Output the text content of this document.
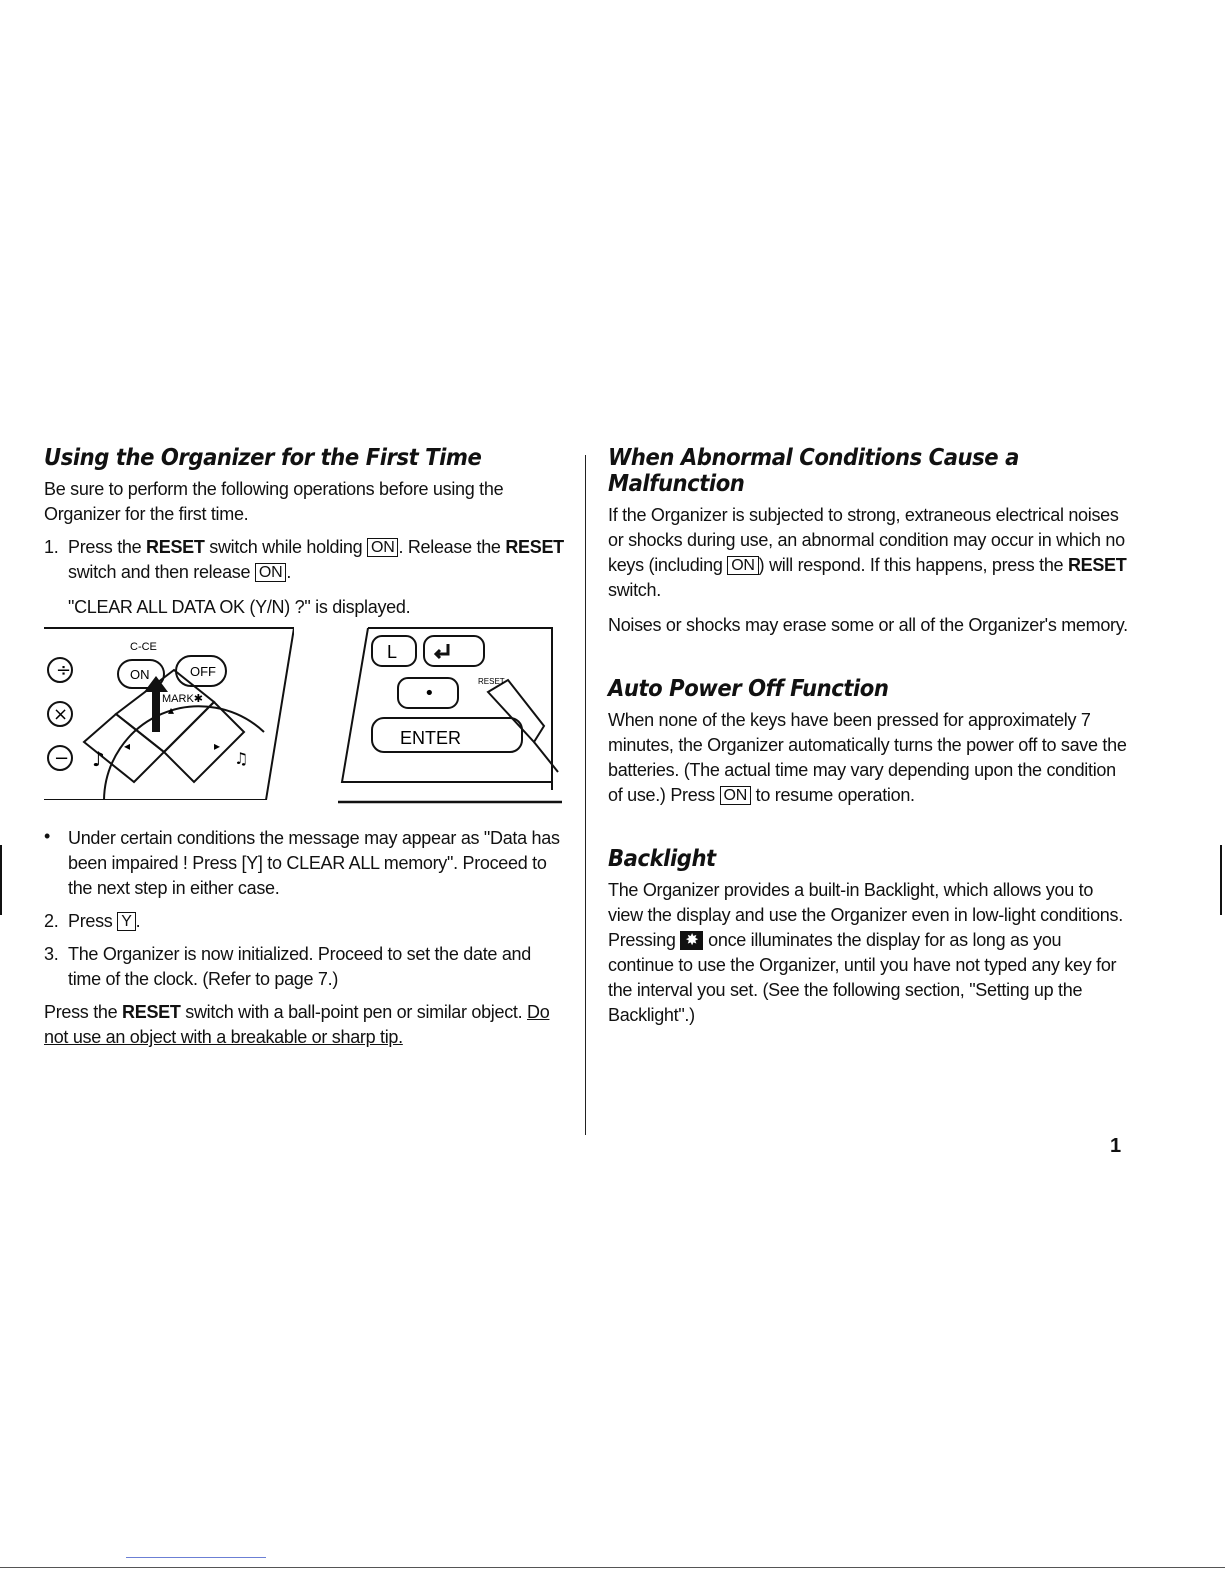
Using the Organizer for the First Time

Be sure to perform the following operations before using the Organizer for the first time.

1. Press the RESET switch while holding ON . Release the RESET switch and then release ON .

"CLEAR ALL DATA OK (Y/N) ?" is displayed.

• Under certain conditions the message may appear as "Data has been impaired ! Press [Y] to CLEAR ALL memory". Proceed to the next step in either case.

2. Press Y .

3. The Organizer is now initialized. Proceed to set the date and time of the clock. (Refer to page 7.)

Press the RESET switch with a ball-point pen or similar object. Do not use an object with a breakable or sharp tip.

÷
×
−
C-CE
ON	OFF
MARK✱
♪	♫
◂	▸
▴
L
•
RESET
ENTER
When Abnormal Conditions Cause a Malfunction

If the Organizer is subjected to strong, extraneous electrical noises or shocks during use, an abnormal condition may occur in which no keys (including ON ) will respond. If this happens, press the RESET switch.

Noises or shocks may erase some or all of the Organizer's memory.

Auto Power Off Function

When none of the keys have been pressed for approximately 7 minutes, the Organizer automatically turns the power off to save the batteries. (The actual time may vary depending upon the condition of use.) Press ON to resume operation.

Backlight

The Organizer provides a built-in Backlight, which allows you to view the display and use the Organizer even in low-light conditions. Pressing ✸ once illuminates the display for as long as you continue to use the Organizer, until you have not typed any key for the interval you set. (See the following section, "Setting up the Backlight".)

1
